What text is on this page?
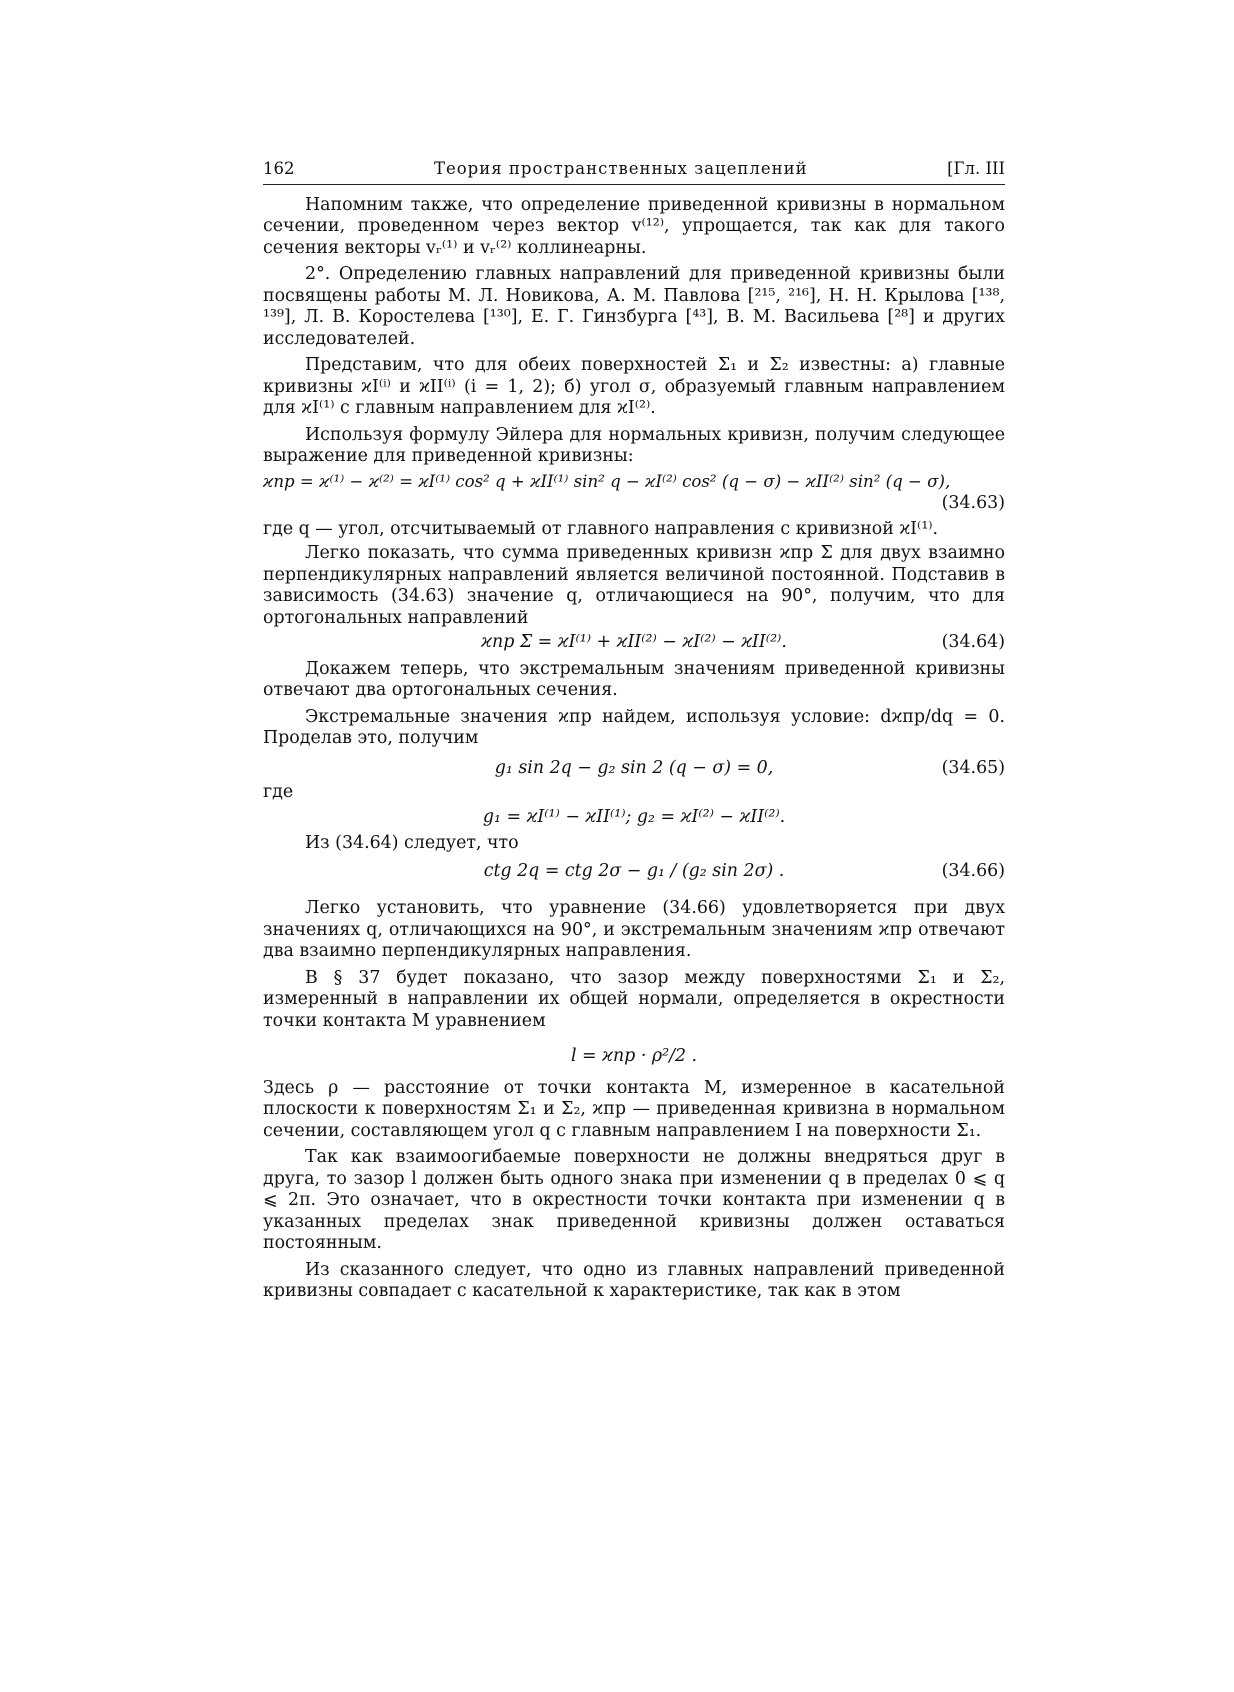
162	Теория пространственных зацеплений	[Гл. III

Напомним также, что определение приведенной кривизны в нормальном сечении, проведенном через вектор v⁽¹²⁾, упрощается, так как для такого сечения векторы vᵣ⁽¹⁾ и vᵣ⁽²⁾ коллинеарны.

2°. Определению главных направлений для приведенной кривизны были посвящены работы М. Л. Новикова, А. М. Павлова [²¹⁵, ²¹⁶], Н. Н. Крылова [¹³⁸, ¹³⁹], Л. В. Коростелева [¹³⁰], Е. Г. Гинзбурга [⁴³], В. М. Васильева [²⁸] и других исследователей.

Представим, что для обеих поверхностей Σ₁ и Σ₂ известны: а) главные кривизны ϰI⁽ⁱ⁾ и ϰII⁽ⁱ⁾ (i = 1, 2); б) угол σ, образуемый главным направлением для ϰI⁽¹⁾ с главным направлением для ϰI⁽²⁾.

Используя формулу Эйлера для нормальных кривизн, получим следующее выражение для приведенной кривизны:

ϰпр = ϰ⁽¹⁾ − ϰ⁽²⁾ = ϰI⁽¹⁾ cos² q + ϰII⁽¹⁾ sin² q − ϰI⁽²⁾ cos² (q − σ) − ϰII⁽²⁾ sin² (q − σ),
(34.63)

где q — угол, отсчитываемый от главного направления с кривизной ϰI⁽¹⁾.

Легко показать, что сумма приведенных кривизн ϰпр Σ для двух взаимно перпендикулярных направлений является величиной постоянной. Подставив в зависимость (34.63) значение q, отличающиеся на 90°, получим, что для ортогональных направлений

ϰпр Σ = ϰI⁽¹⁾ + ϰII⁽²⁾ − ϰI⁽²⁾ − ϰII⁽²⁾.	(34.64)

Докажем теперь, что экстремальным значениям приведенной кривизны отвечают два ортогональных сечения.

Экстремальные значения ϰпр найдем, используя условие: dϰпр/dq = 0. Проделав это, получим

g₁ sin 2q − g₂ sin 2 (q − σ) = 0,	(34.65)

где

g₁ = ϰI⁽¹⁾ − ϰII⁽¹⁾; g₂ = ϰI⁽²⁾ − ϰII⁽²⁾.

Из (34.64) следует, что

ctg 2q = ctg 2σ − g₁ / (g₂ sin 2σ) .	(34.66)

Легко установить, что уравнение (34.66) удовлетворяется при двух значениях q, отличающихся на 90°, и экстремальным значениям ϰпр отвечают два взаимно перпендикулярных направления.

В § 37 будет показано, что зазор между поверхностями Σ₁ и Σ₂, измеренный в направлении их общей нормали, определяется в окрестности точки контакта M уравнением

l = ϰпр · ρ²/2 .

Здесь ρ — расстояние от точки контакта M, измеренное в касательной плоскости к поверхностям Σ₁ и Σ₂, ϰпр — приведенная кривизна в нормальном сечении, составляющем угол q с главным направлением I на поверхности Σ₁.

Так как взаимоогибаемые поверхности не должны внедряться друг в друга, то зазор l должен быть одного знака при изменении q в пределах 0 ⩽ q ⩽ 2π. Это означает, что в окрестности точки контакта при изменении q в указанных пределах знак приведенной кривизны должен оставаться постоянным.

Из сказанного следует, что одно из главных направлений приведенной кривизны совпадает с касательной к характеристике, так как в этом
